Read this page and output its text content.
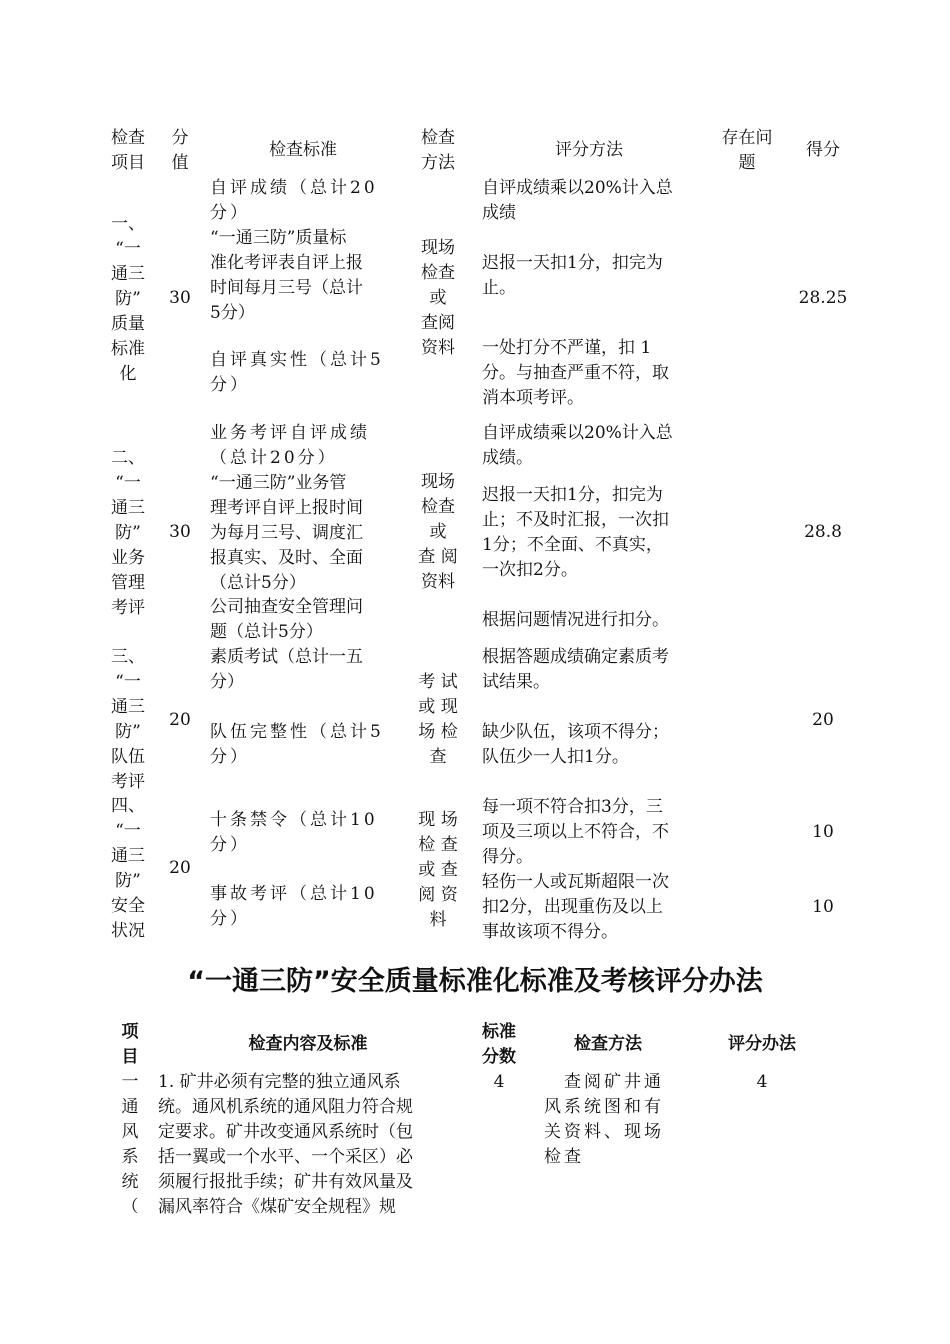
检查
项目
分
值
检查标准
检查
方法
评分方法
存在问
题
得分
一、
“一
通三
防”
质量
标准
化
30
现场
检查
或
查阅
资料
28.25
自评成绩（总计20
分）
自评成绩乘以20%计入总
成绩
“一通三防”质量标
准化考评表自评上报
时间每月三号（总计
5分）
迟报一天扣1分，扣完为
止。
自评真实性（总计5
分）
一处打分不严谨，扣 1
分。与抽查严重不符，取
消本项考评。
二、
“一
通三
防”
业务
管理
考评
30
现场
检查
或
查 阅
资料
28.8
业务考评自评成绩
（总计20分）
自评成绩乘以20%计入总
成绩。
“一通三防”业务管
理考评自评上报时间
为每月三号、调度汇
报真实、及时、全面
（总计5分）
迟报一天扣1分，扣完为
止；不及时汇报，一次扣
1分；不全面、不真实，
一次扣2分。
公司抽查安全管理问
题（总计5分）
根据问题情况进行扣分。
三、
“一
通三
防”
队伍
考评
20
考 试
或 现
场 检
查
20
素质考试（总计一五
分）
根据答题成绩确定素质考
试结果。
队伍完整性（总计5
分）
缺少队伍，该项不得分；
队伍少一人扣1分。
四、
“一
通三
防”
安全
状况
20
现 场
检 查
或 查
阅 资
料
十条禁令（总计10
分）
每一项不符合扣3分，三
项及三项以上不符合，不
得分。
10
事故考评（总计10
分）
轻伤一人或瓦斯超限一次
扣2分，出现重伤及以上
事故该项不得分。
10
“一通三防”安全质量标准化标准及考核评分办法
项
目
检查内容及标准
标准
分数
检查方法	评分办法
一
通
风
系
统
（
1. 矿井必须有完整的独立通风系
统。通风机系统的通风阻力符合规
定要求。矿井改变通风系统时（包
括一翼或一个水平、一个采区）必
须履行报批手续；矿井有效风量及
漏风率符合《煤矿安全规程》规
4	　查阅矿井通
风系统图和有
关资料、现场
检查
4
